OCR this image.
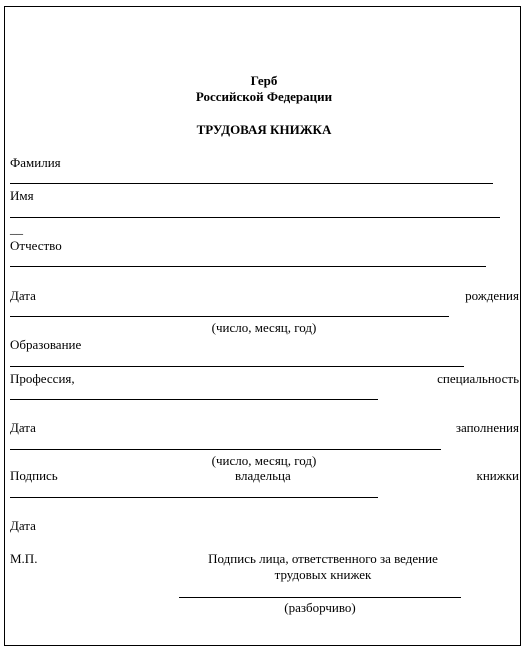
Герб
Российской Федерации
ТРУДОВАЯ КНИЖКА
Фамилия
Имя
__
Отчество
Дата	рождения
(число, месяц, год)
Образование
Профессия,	специальность
Дата	заполнения
(число, месяц, год)
Подпись	владельца	книжки
Дата
М.П.	Подпись лица, ответственного за ведение
трудовых книжек
(разборчиво)
